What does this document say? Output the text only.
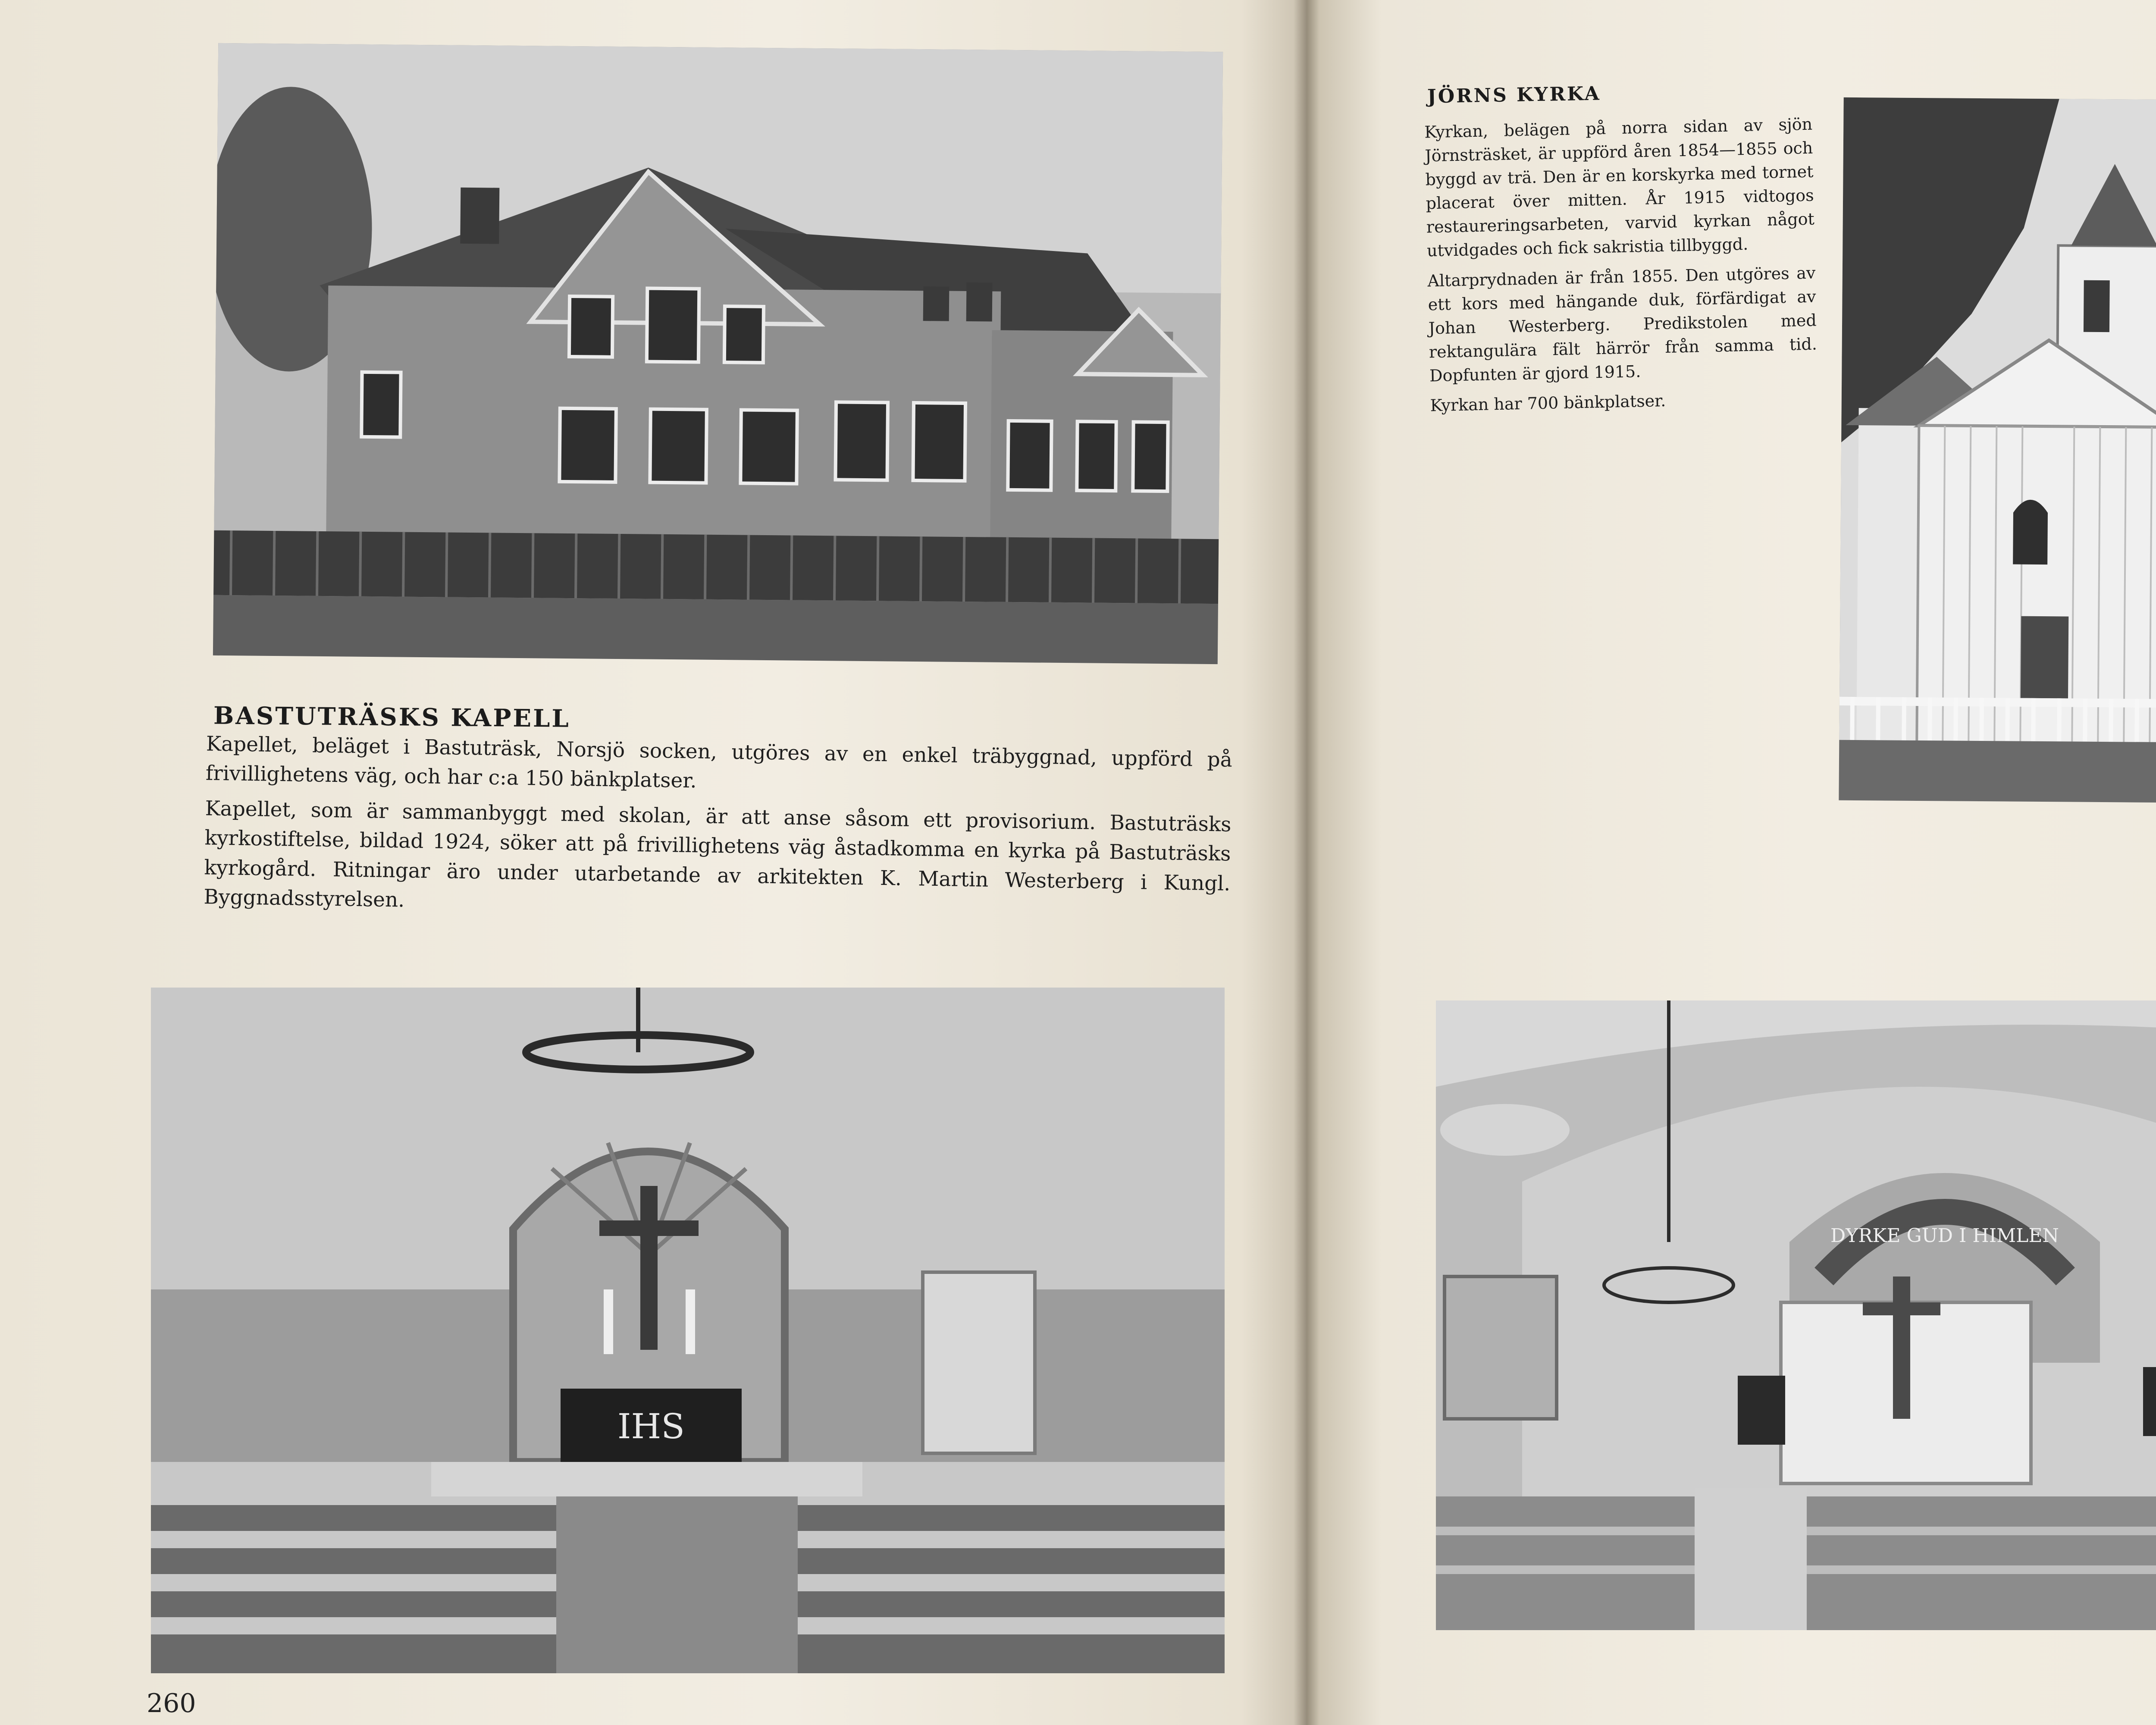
BASTUTRÄSKS KAPELL

Kapellet, beläget i Bastuträsk, Norsjö socken, utgöres av en enkel träbyggnad, uppförd på frivillighetens väg, och har c:a 150 bänkplatser.

Kapellet, som är sammanbyggt med skolan, är att anse såsom ett provisorium. Bastuträsks kyrkostiftelse, bildad 1924, söker att på frivillighetens väg åstadkomma en kyrka på Bastuträsks kyrkogård. Ritningar äro under utarbetande av arkitekten K. Martin Westerberg i Kungl. Byggnadsstyrelsen.

IHS
260
JÖRNS KYRKA

Kyrkan, belägen på norra sidan av sjön Jörnsträsket, är uppförd åren 1854—1855 och byggd av trä. Den är en korskyrka med tornet placerat över mitten. År 1915 vidtogos restaureringsarbeten, varvid kyrkan något utvidgades och fick sakristia tillbyggd.

Altarprydnaden är från 1855. Den utgöres av ett kors med hängande duk, förfärdigat av Johan Westerberg. Predikstolen med rektangulära fält härrör från samma tid. Dopfunten är gjord 1915.

Kyrkan har 700 bänkplatser.

DYRKE GUD I HIMLEN
